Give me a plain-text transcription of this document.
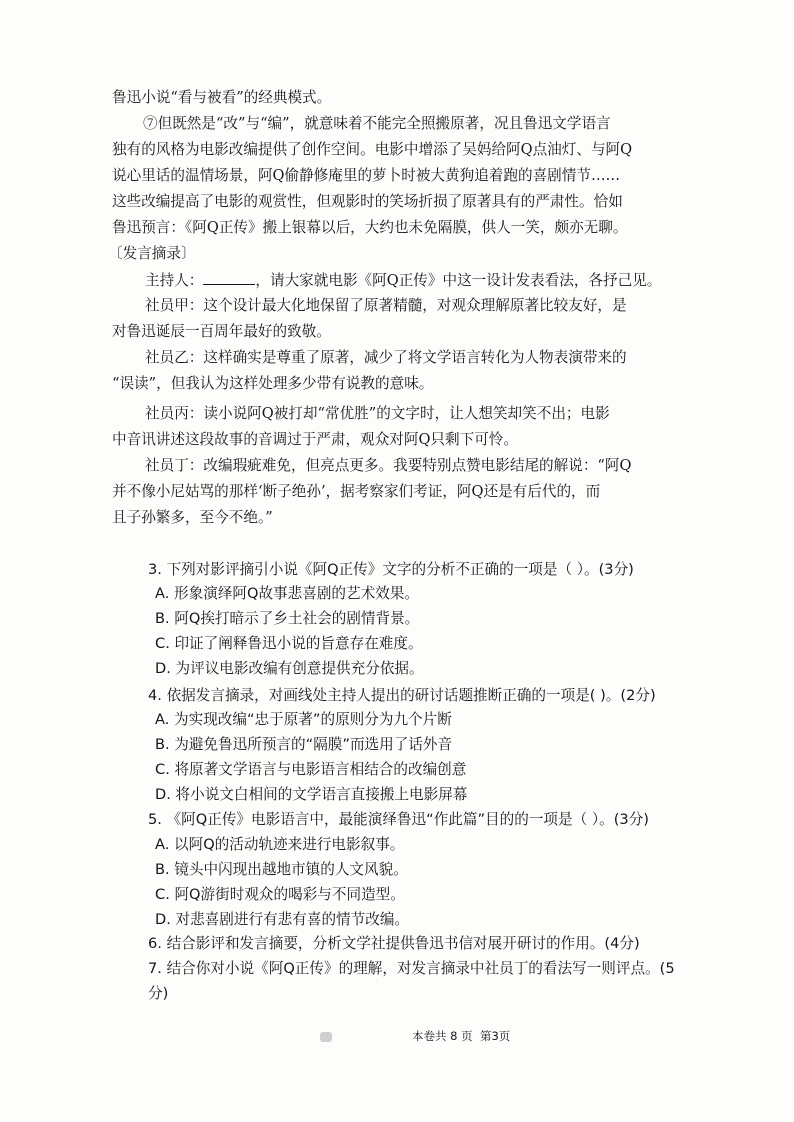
鲁迅小说“看与被看”的经典模式。
⑦但既然是“改”与“编”，就意味着不能完全照搬原著，况且鲁迅文学语言
独有的风格为电影改编提供了创作空间。电影中增添了吴妈给阿Q点油灯、与阿Q
说心里话的温情场景，阿Q偷静修庵里的萝卜时被大黄狗追着跑的喜剧情节……
这些改编提高了电影的观赏性，但观影时的笑场折损了原著具有的严肃性。恰如
鲁迅预言：《阿Q正传》搬上银幕以后，大约也未免隔膜，供人一笑，颇亦无聊。
〔发言摘录〕
主持人：	，请大家就电影《阿Q正传》中这一设计发表看法，各抒己见。
社员甲：这个设计最大化地保留了原著精髓，对观众理解原著比较友好，是
对鲁迅诞辰一百周年最好的致敬。
社员乙：这样确实是尊重了原著，减少了将文学语言转化为人物表演带来的
“误读”，但我认为这样处理多少带有说教的意味。
社员丙：读小说阿Q被打却“常优胜”的文字时，让人想笑却笑不出；电影
中音讯讲述这段故事的音调过于严肃，观众对阿Q只剩下可怜。
社员丁：改编瑕疵难免，但亮点更多。我要特别点赞电影结尾的解说：“阿Q
并不像小尼姑骂的那样‘断子绝孙’，据考察家们考证，阿Q还是有后代的，而
且子孙繁多，至今不绝。”
3. 下列对影评摘引小说《阿Q正传》文字的分析不正确的一项是（ ）。(3分)
A. 形象演绎阿Q故事悲喜剧的艺术效果。
B. 阿Q挨打暗示了乡土社会的剧情背景。
C. 印证了阐释鲁迅小说的旨意存在难度。
D. 为评议电影改编有创意提供充分依据。
4. 依据发言摘录，对画线处主持人提出的研讨话题推断正确的一项是( )。(2分)
A. 为实现改编“忠于原著”的原则分为九个片断
B. 为避免鲁迅所预言的“隔膜”而选用了话外音
C. 将原著文学语言与电影语言相结合的改编创意
D. 将小说文白相间的文学语言直接搬上电影屏幕
5. 《阿Q正传》电影语言中，最能演绎鲁迅“作此篇”目的的一项是（ ）。(3分)
A. 以阿Q的活动轨迹来进行电影叙事。
B. 镜头中闪现出越地市镇的人文风貌。
C. 阿Q游街时观众的喝彩与不同造型。
D. 对悲喜剧进行有悲有喜的情节改编。
6. 结合影评和发言摘要，分析文学社提供鲁迅书信对展开研讨的作用。(4分)
7. 结合你对小说《阿Q正传》的理解，对发言摘录中社员丁的看法写一则评点。(5
分)
本卷共 8 页 第3页
